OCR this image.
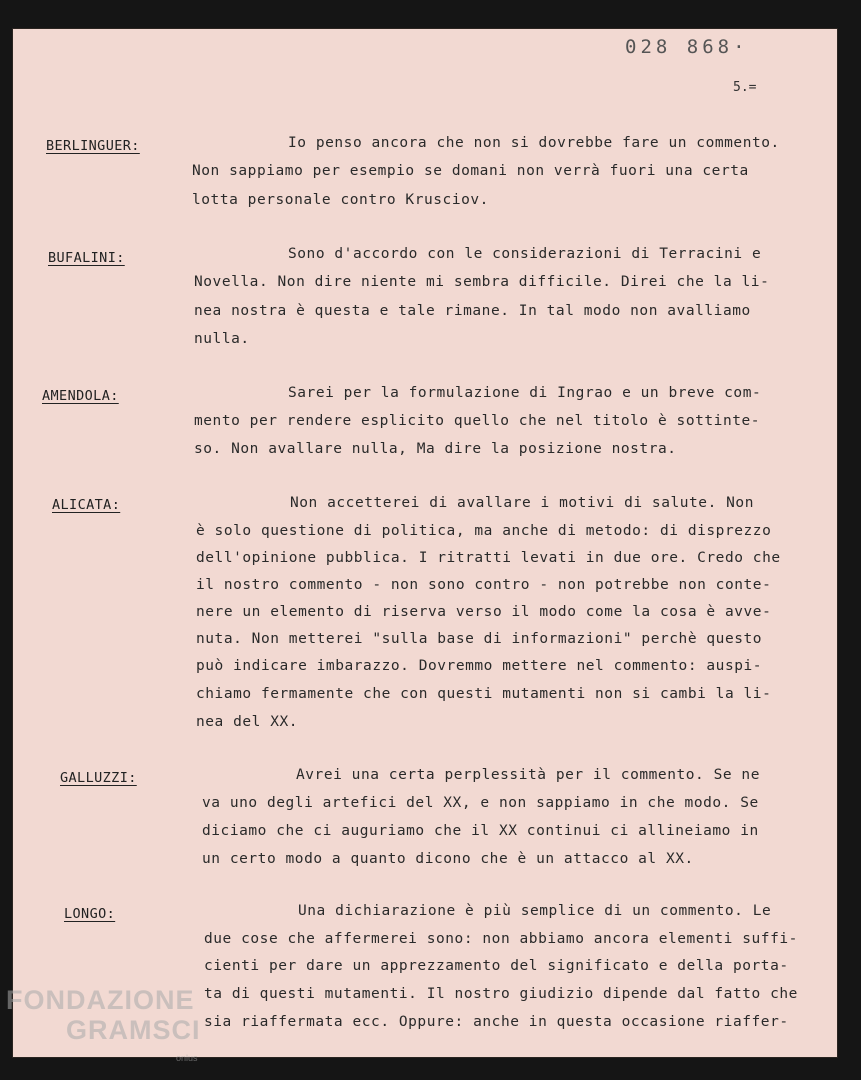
028 868·
5.=
BERLINGUER:	Io penso ancora che non si dovrebbe fare un commento.
Non sappiamo per esempio se domani non verrà fuori una certa
lotta personale contro Krusciov.
BUFALINI:	Sono d'accordo con le considerazioni di Terracini e
Novella. Non dire niente mi sembra difficile. Direi che la li-
nea nostra è questa e tale rimane. In tal modo non avalliamo
nulla.
AMENDOLA:	Sarei per la formulazione di Ingrao e un breve com-
mento per rendere esplicito quello che nel titolo è sottinte-
so. Non avallare nulla, Ma dire la posizione nostra.
ALICATA:	Non accetterei di avallare i motivi di salute. Non
è solo questione di politica, ma anche di metodo: di disprezzo
dell'opinione pubblica. I ritratti levati in due ore. Credo che
il nostro commento - non sono contro - non potrebbe non conte-
nere un elemento di riserva verso il modo come la cosa è avve-
nuta. Non metterei "sulla base di informazioni" perchè questo
può indicare imbarazzo. Dovremmo mettere nel commento: auspi-
chiamo fermamente che con questi mutamenti non si cambi la li-
nea del XX.
GALLUZZI:	Avrei una certa perplessità per il commento. Se ne
va uno degli artefici del XX, e non sappiamo in che modo. Se
diciamo che ci auguriamo che il XX continui ci allineiamo in
un certo modo a quanto dicono che è un attacco al XX.
LONGO:	Una dichiarazione è più semplice di un commento. Le
due cose che affermerei sono: non abbiamo ancora elementi suffi-
cienti per dare un apprezzamento del significato e della porta-
ta di questi mutamenti. Il nostro giudizio dipende dal fatto che
sia riaffermata ecc. Oppure: anche in questa occasione riaffer-
FONDAZIONE
GRAMSCI
onlus
